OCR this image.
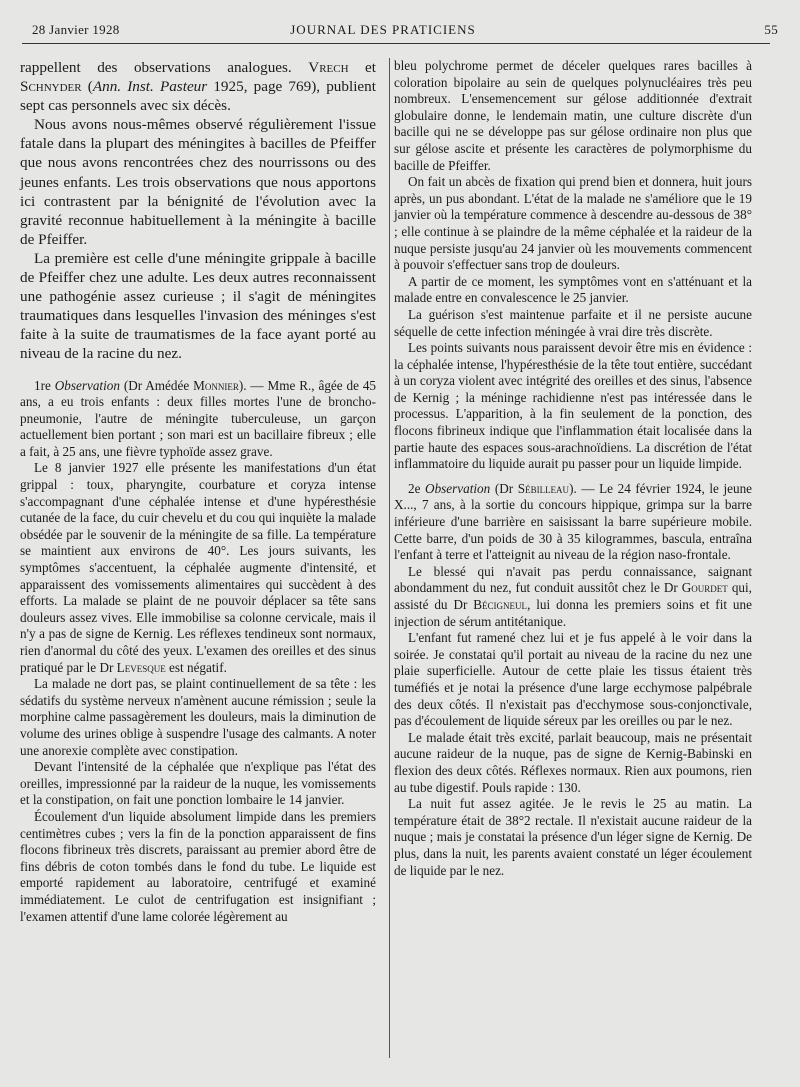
28 Janvier 1928	JOURNAL DES PRATICIENS	55

rappellent des observations analogues. Vrech et Schnyder (Ann. Inst. Pasteur 1925, page 769), publient sept cas personnels avec six décès.

Nous avons nous-mêmes observé régulièrement l'issue fatale dans la plupart des méningites à bacilles de Pfeiffer que nous avons rencontrées chez des nourrissons ou des jeunes enfants. Les trois observations que nous apportons ici contrastent par la bénignité de l'évolution avec la gravité reconnue habituellement à la méningite à bacille de Pfeiffer.

La première est celle d'une méningite grippale à bacille de Pfeiffer chez une adulte. Les deux autres reconnaissent une pathogénie assez curieuse ; il s'agit de méningites traumatiques dans lesquelles l'invasion des méninges s'est faite à la suite de traumatismes de la face ayant porté au niveau de la racine du nez.

1re Observation (Dr Amédée Monnier). — Mme R., âgée de 45 ans, a eu trois enfants : deux filles mortes l'une de broncho-pneumonie, l'autre de méningite tuberculeuse, un garçon actuellement bien portant ; son mari est un bacillaire fibreux ; elle a fait, à 25 ans, une fièvre typhoïde assez grave.

Le 8 janvier 1927 elle présente les manifestations d'un état grippal : toux, pharyngite, courbature et coryza intense s'accompagnant d'une céphalée intense et d'une hypéresthésie cutanée de la face, du cuir chevelu et du cou qui inquiète la malade obsédée par le souvenir de la méningite de sa fille. La température se maintient aux environs de 40°. Les jours suivants, les symptômes s'accentuent, la céphalée augmente d'intensité, et apparaissent des vomissements alimentaires qui succèdent à des efforts. La malade se plaint de ne pouvoir déplacer sa tête sans douleurs assez vives. Elle immobilise sa colonne cervicale, mais il n'y a pas de signe de Kernig. Les réflexes tendineux sont normaux, rien d'anormal du côté des yeux. L'examen des oreilles et des sinus pratiqué par le Dr Levesque est négatif.

La malade ne dort pas, se plaint continuellement de sa tête : les sédatifs du système nerveux n'amènent aucune rémission ; seule la morphine calme passagèrement les douleurs, mais la diminution de volume des urines oblige à suspendre l'usage des calmants. A noter une anorexie complète avec constipation.

Devant l'intensité de la céphalée que n'explique pas l'état des oreilles, impressionné par la raideur de la nuque, les vomissements et la constipation, on fait une ponction lombaire le 14 janvier.

Écoulement d'un liquide absolument limpide dans les premiers centimètres cubes ; vers la fin de la ponction apparaissent de fins flocons fibrineux très discrets, paraissant au premier abord être de fins débris de coton tombés dans le fond du tube. Le liquide est emporté rapidement au laboratoire, centrifugé et examiné immédiatement. Le culot de centrifugation est insignifiant ; l'examen attentif d'une lame colorée légèrement au

bleu polychrome permet de déceler quelques rares bacilles à coloration bipolaire au sein de quelques polynucléaires très peu nombreux. L'ensemencement sur gélose additionnée d'extrait globulaire donne, le lendemain matin, une culture discrète d'un bacille qui ne se développe pas sur gélose ordinaire non plus que sur gélose ascite et présente les caractères de polymorphisme du bacille de Pfeiffer.

On fait un abcès de fixation qui prend bien et donnera, huit jours après, un pus abondant. L'état de la malade ne s'améliore que le 19 janvier où la température commence à descendre au-dessous de 38° ; elle continue à se plaindre de la même céphalée et la raideur de la nuque persiste jusqu'au 24 janvier où les mouvements commencent à pouvoir s'effectuer sans trop de douleurs.

A partir de ce moment, les symptômes vont en s'atténuant et la malade entre en convalescence le 25 janvier.

La guérison s'est maintenue parfaite et il ne persiste aucune séquelle de cette infection méningée à vrai dire très discrète.

Les points suivants nous paraissent devoir être mis en évidence : la céphalée intense, l'hypéresthésie de la tête tout entière, succédant à un coryza violent avec intégrité des oreilles et des sinus, l'absence de Kernig ; la méninge rachidienne n'est pas intéressée dans le processus. L'apparition, à la fin seulement de la ponction, des flocons fibrineux indique que l'inflammation était localisée dans la partie haute des espaces sous-arachnoïdiens. La discrétion de l'état inflammatoire du liquide aurait pu passer pour un liquide limpide.

2e Observation (Dr Sébilleau). — Le 24 février 1924, le jeune X..., 7 ans, à la sortie du concours hippique, grimpa sur la barre inférieure d'une barrière en saisissant la barre supérieure mobile. Cette barre, d'un poids de 30 à 35 kilogrammes, bascula, entraîna l'enfant à terre et l'atteignit au niveau de la région naso-frontale.

Le blessé qui n'avait pas perdu connaissance, saignant abondamment du nez, fut conduit aussitôt chez le Dr Gourdet qui, assisté du Dr Bécigneul, lui donna les premiers soins et fit une injection de sérum antitétanique.

L'enfant fut ramené chez lui et je fus appelé à le voir dans la soirée. Je constatai qu'il portait au niveau de la racine du nez une plaie superficielle. Autour de cette plaie les tissus étaient très tuméfiés et je notai la présence d'une large ecchymose palpébrale des deux côtés. Il n'existait pas d'ecchymose sous-conjonctivale, pas d'écoulement de liquide séreux par les oreilles ou par le nez.

Le malade était très excité, parlait beaucoup, mais ne présentait aucune raideur de la nuque, pas de signe de Kernig-Babinski en flexion des deux côtés. Réflexes normaux. Rien aux poumons, rien au tube digestif. Pouls rapide : 130.

La nuit fut assez agitée. Je le revis le 25 au matin. La température était de 38°2 rectale. Il n'existait aucune raideur de la nuque ; mais je constatai la présence d'un léger signe de Kernig. De plus, dans la nuit, les parents avaient constaté un léger écoulement de liquide par le nez.
